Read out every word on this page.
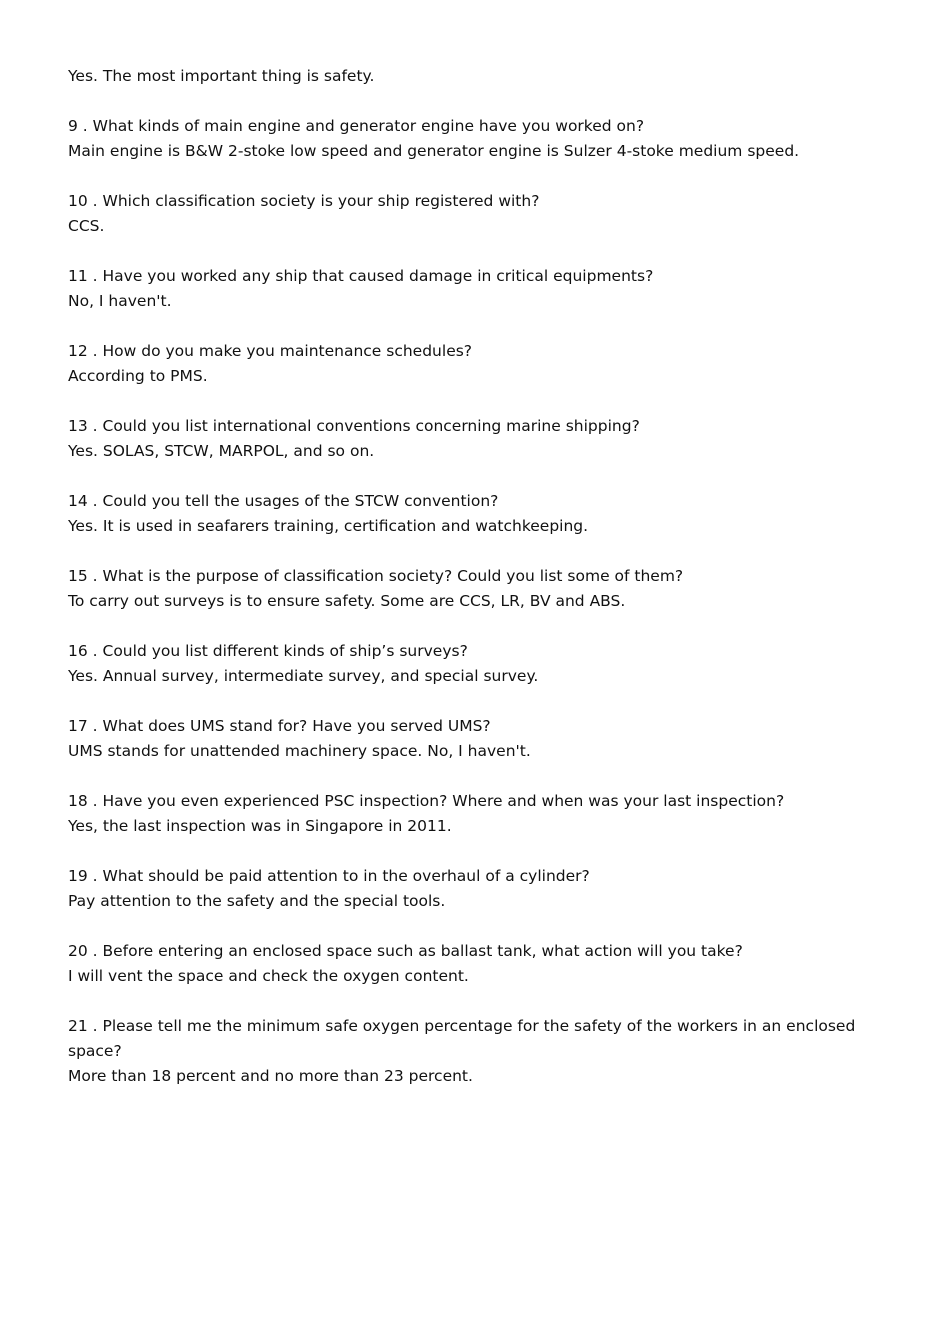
Yes. The most important thing is safety.

9 . What kinds of main engine and generator engine have you worked on?

Main engine is B&W 2-stoke low speed and generator engine is Sulzer 4-stoke medium speed.

10 . Which classification society is your ship registered with?

CCS.

11 . Have you worked any ship that caused damage in critical equipments?

No, I haven't.

12 . How do you make you maintenance schedules?

According to PMS.

13 . Could you list international conventions concerning marine shipping?

Yes. SOLAS, STCW, MARPOL, and so on.

14 . Could you tell the usages of the STCW convention?

Yes. It is used in seafarers training, certification and watchkeeping.

15 . What is the purpose of classification society? Could you list some of them?

To carry out surveys is to ensure safety. Some are CCS, LR, BV and ABS.

16 . Could you list different kinds of ship’s surveys?

Yes. Annual survey, intermediate survey, and special survey.

17 . What does UMS stand for? Have you served UMS?

UMS stands for unattended machinery space. No, I haven't.

18 . Have you even experienced PSC inspection? Where and when was your last inspection?

Yes, the last inspection was in Singapore in 2011.

19 . What should be paid attention to in the overhaul of a cylinder?

Pay attention to the safety and the special tools.

20 . Before entering an enclosed space such as ballast tank, what action will you take?

I will vent the space and check the oxygen content.

21 . Please tell me the minimum safe oxygen percentage for the safety of the workers in an enclosed space?

More than 18 percent and no more than 23 percent.
